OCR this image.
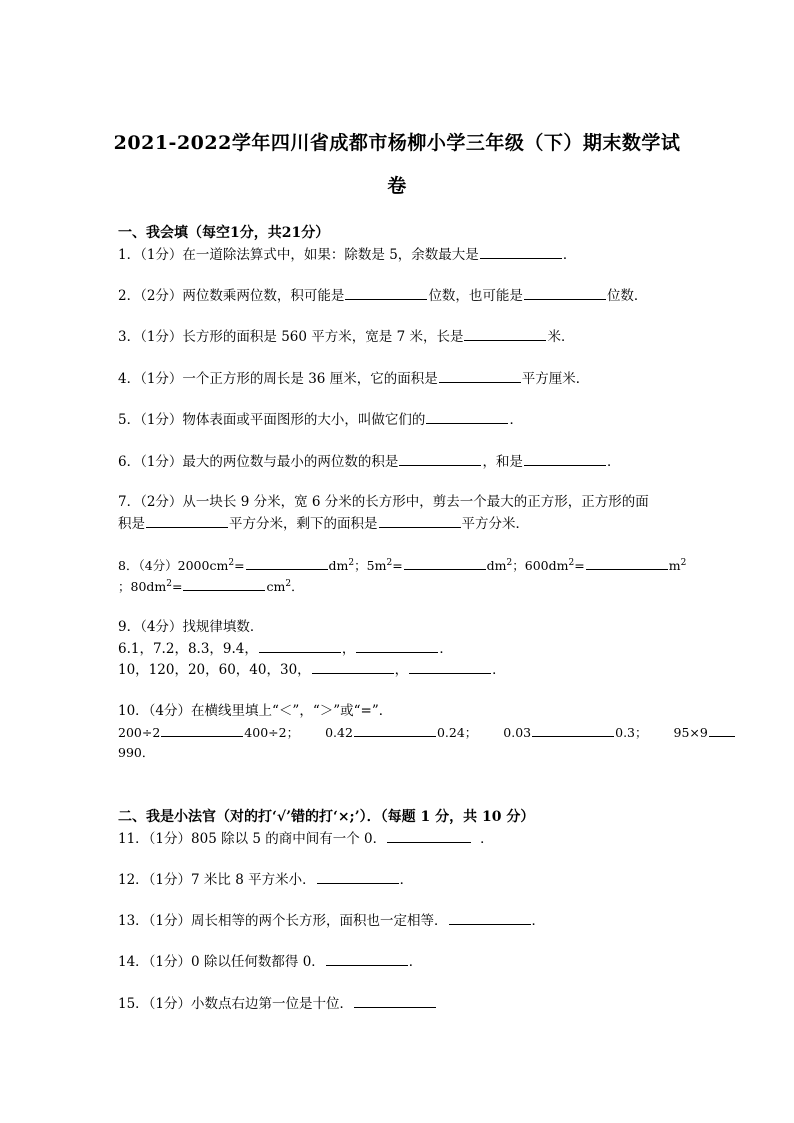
2021-2022学年四川省成都市杨柳小学三年级（下）期末数学试
卷
一、我会填（每空1分，共21分）
1．（1分）在一道除法算式中，如果：除数是 5，余数最大是	．
2．（2分）两位数乘两位数，积可能是	位数，也可能是	位数．
3．（1分）长方形的面积是 560 平方米，宽是 7 米，长是	米．
4．（1分）一个正方形的周长是 36 厘米，它的面积是	平方厘米．
5．（1分）物体表面或平面图形的大小，叫做它们的	．
6．（1分）最大的两位数与最小的两位数的积是	，和是	．
7．（2分）从一块长 9 分米，宽 6 分米的长方形中，剪去一个最大的正方形，正方形的面
积是	平方分米，剩下的面积是	平方分米．
8．（4分）$2000cm^2=$	$dm^2$；$5m^2=$	$dm^2$；$600dm^2=$	$m^2$
；$80dm^2=$	$cm^2$．
9．（4分）找规律填数．
6.1，7.2，8.3，9.4，	，	．
10，120，20，60，40，30，	，	．
10．（4分）在横线里填上“＜”，“＞”或“=”．
200÷2	400÷2； 0.42	0.24； 0.03	0.3； 95×9
990．
二、我是小法官（对的打‘√’错的打‘×;’）．（每题 1 分，共 10 分）
11．（1分）805 除以 5 的商中间有一个 0．	．
12．（1分）7 米比 8 平方米小．	．
13．（1分）周长相等的两个长方形，面积也一定相等．	．
14．（1分）0 除以任何数都得 0．	．
15．（1分）小数点右边第一位是十位．
